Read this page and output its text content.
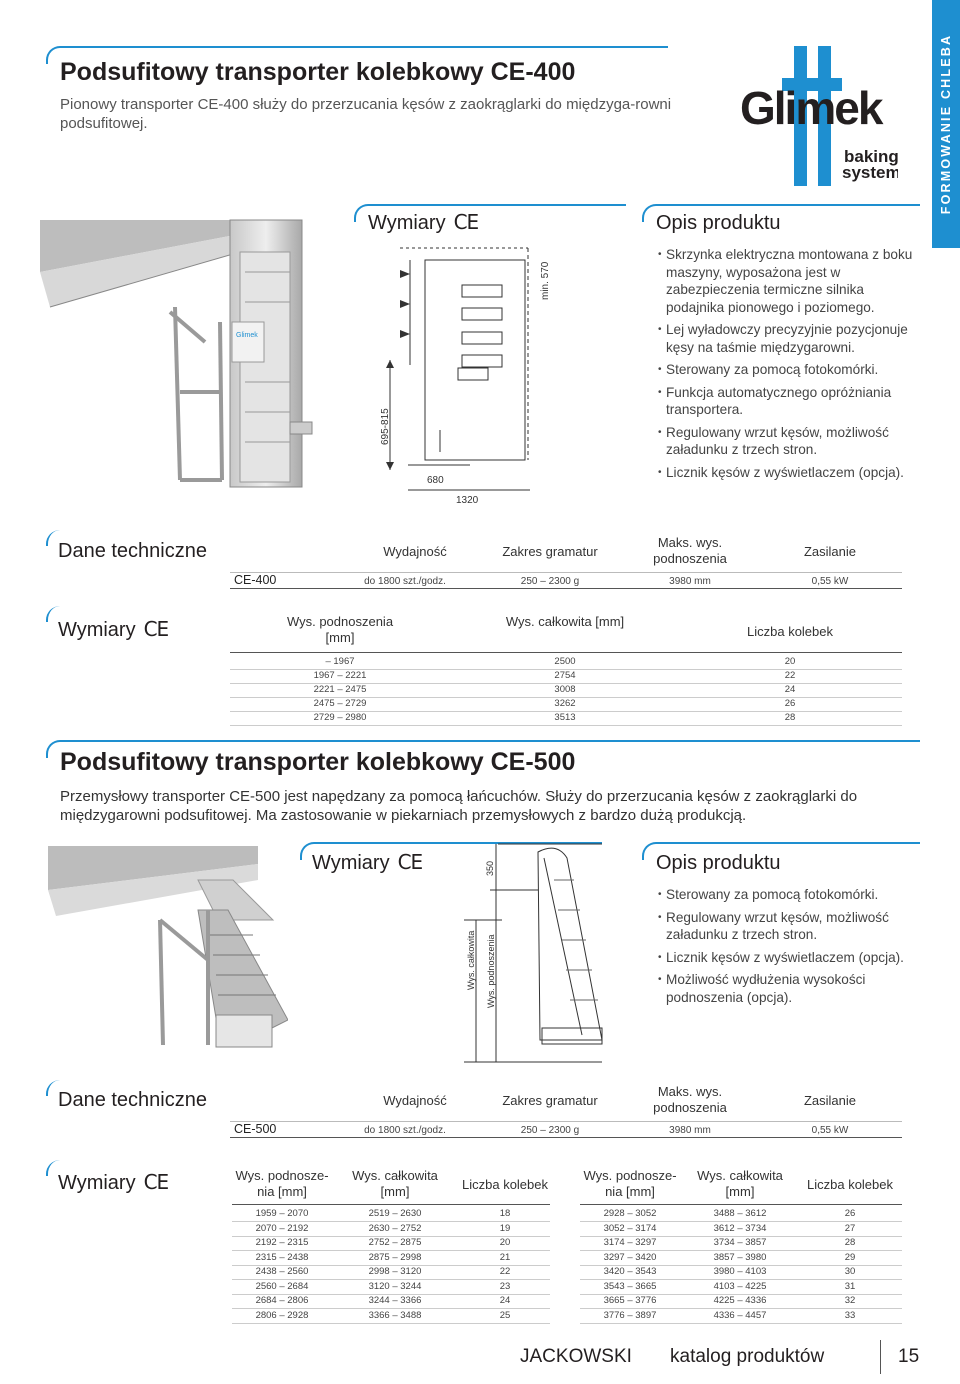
FORMOWANIE CHLEBA
Glimek
baking
system
Podsufitowy transporter kolebkowy CE-400
Pionowy transporter CE-400 służy do przerzucania kęsów z zaokrąglarki do międzyga-rowni podsufitowej.
Glimek
Wymiary CE
695-815
min. 570
680
1320
Opis produktu
• Skrzynka elektryczna montowana z boku maszyny, wyposażona jest w zabezpieczenia termiczne silnika podajnika pionowego i poziomego.
• Lej wyładowczy precyzyjnie pozycjonuje kęsy na taśmie międzygarowni.
• Sterowany za pomocą fotokomórki.
• Funkcja automatycznego opróżniania transportera.
• Regulowany wrzut kęsów, możliwość załadunku z trzech stron.
• Licznik kęsów z wyświetlaczem (opcja).
Dane techniczne	Wydajność	Zakres gramatur
Maks. wys. podnoszenia	Zasilanie
CE-400	do 1800 szt./godz.	250 – 2300 g	3980 mm	0,55 kW
Wymiary CE	Wys. podnoszenia [mm]
Wys. całkowita [mm]
Liczba kolebek
– 1967	2500	20
1967 – 2221	2754	22
2221 – 2475	3008	24
2475 – 2729	3262	26
2729 – 2980	3513	28
Podsufitowy transporter kolebkowy CE-500
Przemysłowy transporter CE-500 jest napędzany za pomocą łańcuchów. Służy do przerzucania kęsów z zaokrąglarki do międzygarowni podsufitowej. Ma zastosowanie w piekarniach przemysłowych z bardzo dużą produkcją.
Wymiary CE	350
Wys. całkowita Wys. podnoszenia
Opis produktu
• Sterowany za pomocą fotokomórki.
• Regulowany wrzut kęsów, możliwość załadunku z trzech stron.
• Licznik kęsów z wyświetlaczem (opcja).
• Możliwość wydłużenia wysokości podnoszenia (opcja).
Dane techniczne	Wydajność	Zakres gramatur
Maks. wys. podnoszenia	Zasilanie
CE-500	do 1800 szt./godz.	250 – 2300 g	3980 mm	0,55 kW
Wymiary CE	Wys. podnosze-nia [mm]
Wys. całkowita [mm]	Liczba kolebek
Wys. podnosze-nia [mm]
Wys. całkowita [mm]	Liczba kolebek
1959 – 2070	2519 – 2630	18
2070 – 2192	2630 – 2752	19
2192 – 2315	2752 – 2875	20
2315 – 2438	2875 – 2998	21
2438 – 2560	2998 – 3120	22
2560 – 2684	3120 – 3244	23
2684 – 2806	3244 – 3366	24
2806 – 2928	3366 – 3488	25
2928 – 3052	3488 – 3612	26
3052 – 3174	3612 – 3734	27
3174 – 3297	3734 – 3857	28
3297 – 3420	3857 – 3980	29
3420 – 3543	3980 – 4103	30
3543 – 3665	4103 – 4225	31
3665 – 3776	4225 – 4336	32
3776 – 3897	4336 – 4457	33
JACKOWSKI katalog produktów	15
